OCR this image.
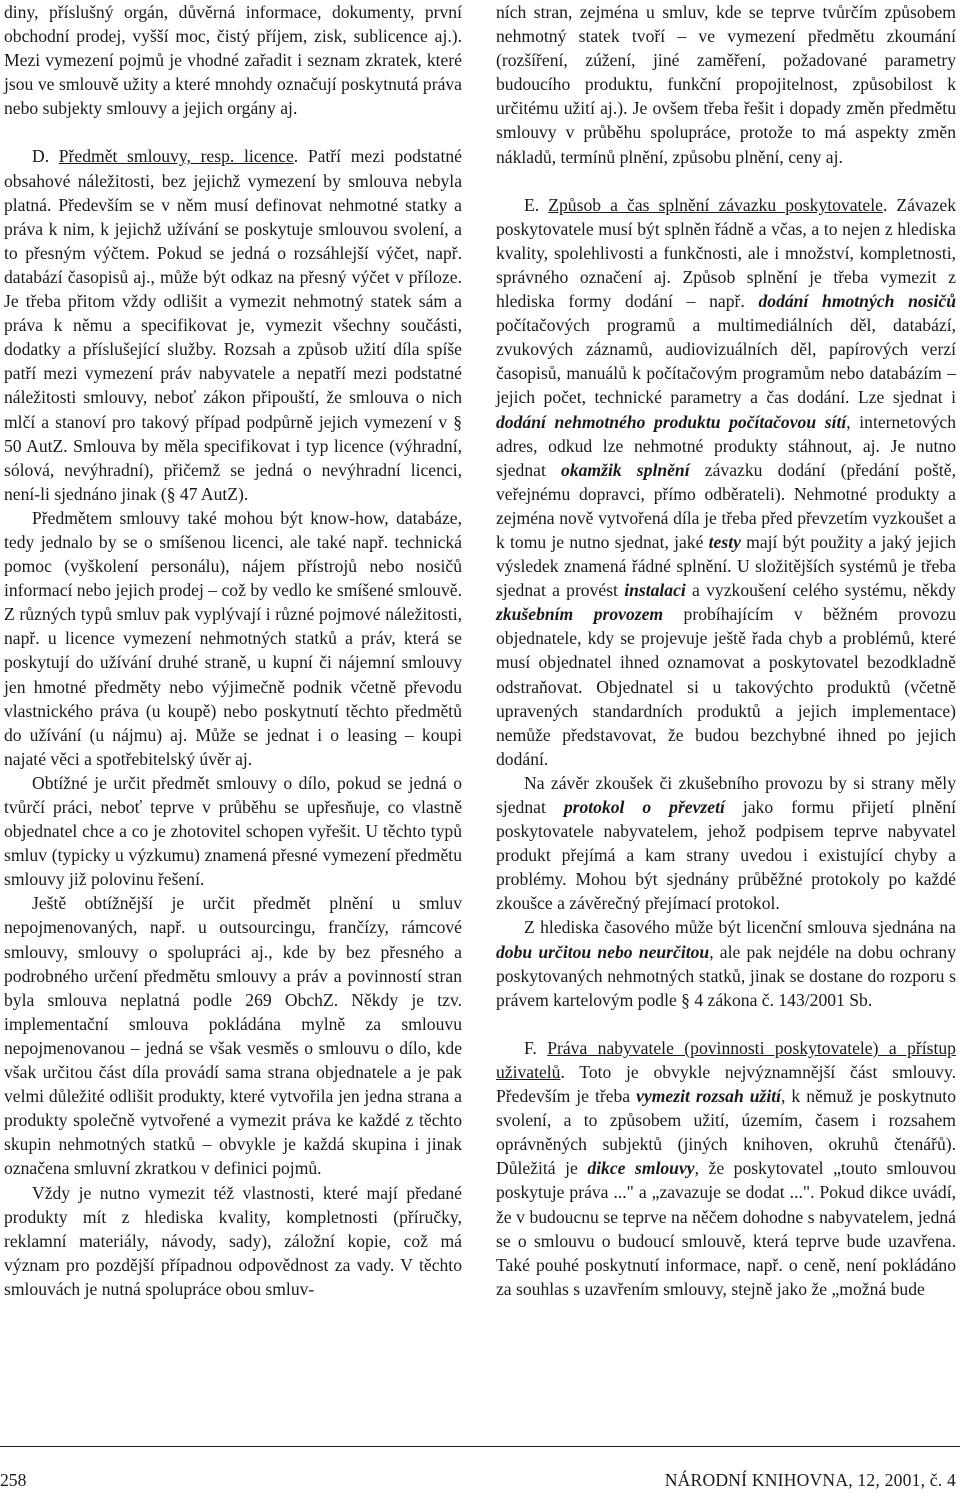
diny, příslušný orgán, důvěrná informace, dokumenty, první obchodní prodej, vyšší moc, čistý příjem, zisk, sublicence aj.). Mezi vymezení pojmů je vhodné zařadit i seznam zkratek, které jsou ve smlouvě užity a které mnohdy označují poskytnutá práva nebo subjekty smlouvy a jejich orgány aj.

D. Předmět smlouvy, resp. licence. Patří mezi podstatné obsahové náležitosti, bez jejichž vymezení by smlouva nebyla platná. Především se v něm musí definovat nehmotné statky a práva k nim, k jejichž užívání se poskytuje smlouvou svolení, a to přesným výčtem. Pokud se jedná o rozsáhlejší výčet, např. databází časopisů aj., může být odkaz na přesný výčet v příloze. Je třeba přitom vždy odlišit a vymezit nehmotný statek sám a práva k němu a specifikovat je, vymezit všechny součásti, dodatky a příslušející služby. Rozsah a způsob užití díla spíše patří mezi vymezení práv nabyvatele a nepatří mezi podstatné náležitosti smlouvy, neboť zákon připouští, že smlouva o nich mlčí a stanoví pro takový případ podpůrně jejich vymezení v § 50 AutZ. Smlouva by měla specifikovat i typ licence (výhradní, sólová, nevýhradní), přičemž se jedná o nevýhradní licenci, není-li sjednáno jinak (§ 47 AutZ).

Předmětem smlouvy také mohou být know-how, databáze, tedy jednalo by se o smíšenou licenci, ale také např. technická pomoc (vyškolení personálu), nájem přístrojů nebo nosičů informací nebo jejich prodej – což by vedlo ke smíšené smlouvě. Z různých typů smluv pak vyplývají i různé pojmové náležitosti, např. u licence vymezení nehmotných statků a práv, která se poskytují do užívání druhé straně, u kupní či nájemní smlouvy jen hmotné předměty nebo výjimečně podnik včetně převodu vlastnického práva (u koupě) nebo poskytnutí těchto předmětů do užívání (u nájmu) aj. Může se jednat i o leasing – koupi najaté věci a spotřebitelský úvěr aj.

Obtížné je určit předmět smlouvy o dílo, pokud se jedná o tvůrčí práci, neboť teprve v průběhu se upřesňuje, co vlastně objednatel chce a co je zhotovitel schopen vyřešit. U těchto typů smluv (typicky u výzkumu) znamená přesné vymezení předmětu smlouvy již polovinu řešení.

Ještě obtížnější je určit předmět plnění u smluv nepojmenovaných, např. u outsourcingu, frančízy, rámcové smlouvy, smlouvy o spolupráci aj., kde by bez přesného a podrobného určení předmětu smlouvy a práv a povinností stran byla smlouva neplatná podle 269 ObchZ. Někdy je tzv. implementační smlouva pokládána mylně za smlouvu nepojmenovanou – jedná se však vesměs o smlouvu o dílo, kde však určitou část díla provádí sama strana objednatele a je pak velmi důležité odlišit produkty, které vytvořila jen jedna strana a produkty společně vytvořené a vymezit práva ke každé z těchto skupin nehmotných statků – obvykle je každá skupina i jinak označena smluvní zkratkou v definici pojmů.

Vždy je nutno vymezit též vlastnosti, které mají předané produkty mít z hlediska kvality, kompletnosti (příručky, reklamní materiály, návody, sady), záložní kopie, což má význam pro pozdější případnou odpovědnost za vady. V těchto smlouvách je nutná spolupráce obou smluv-

ních stran, zejména u smluv, kde se teprve tvůrčím způsobem nehmotný statek tvoří – ve vymezení předmětu zkoumání (rozšíření, zúžení, jiné zaměření, požadované parametry budoucího produktu, funkční propojitelnost, způsobilost k určitému užití aj.). Je ovšem třeba řešit i dopady změn předmětu smlouvy v průběhu spolupráce, protože to má aspekty změn nákladů, termínů plnění, způsobu plnění, ceny aj.

E. Způsob a čas splnění závazku poskytovatele. Závazek poskytovatele musí být splněn řádně a včas, a to nejen z hlediska kvality, spolehlivosti a funkčnosti, ale i množství, kompletnosti, správného označení aj. Způsob splnění je třeba vymezit z hlediska formy dodání – např. dodání hmotných nosičů počítačových programů a multimediálních děl, databází, zvukových záznamů, audiovizuálních děl, papírových verzí časopisů, manuálů k počítačovým programům nebo databázím – jejich počet, technické parametry a čas dodání. Lze sjednat i dodání nehmotného produktu počítačovou sítí, internetových adres, odkud lze nehmotné produkty stáhnout, aj. Je nutno sjednat okamžik splnění závazku dodání (předání poště, veřejnému dopravci, přímo odběrateli). Nehmotné produkty a zejména nově vytvořená díla je třeba před převzetím vyzkoušet a k tomu je nutno sjednat, jaké testy mají být použity a jaký jejich výsledek znamená řádné splnění. U složitějších systémů je třeba sjednat a provést instalaci a vyzkoušení celého systému, někdy zkušebním provozem probíhajícím v běžném provozu objednatele, kdy se projevuje ještě řada chyb a problémů, které musí objednatel ihned oznamovat a poskytovatel bezodkladně odstraňovat. Objednatel si u takovýchto produktů (včetně upravených standardních produktů a jejich implementace) nemůže představovat, že budou bezchybné ihned po jejich dodání.

Na závěr zkoušek či zkušebního provozu by si strany měly sjednat protokol o převzetí jako formu přijetí plnění poskytovatele nabyvatelem, jehož podpisem teprve nabyvatel produkt přejímá a kam strany uvedou i existující chyby a problémy. Mohou být sjednány průběžné protokoly po každé zkoušce a závěrečný přejímací protokol.

Z hlediska časového může být licenční smlouva sjednána na dobu určitou nebo neurčitou, ale pak nejdéle na dobu ochrany poskytovaných nehmotných statků, jinak se dostane do rozporu s právem kartelovým podle § 4 zákona č. 143/2001 Sb.

F. Práva nabyvatele (povinnosti poskytovatele) a přístup uživatelů. Toto je obvykle nejvýznamnější část smlouvy. Především je třeba vymezit rozsah užití, k němuž je poskytnuto svolení, a to způsobem užití, územím, časem i rozsahem oprávněných subjektů (jiných knihoven, okruhů čtenářů). Důležitá je dikce smlouvy, že poskytovatel „touto smlouvou poskytuje práva ..." a „zavazuje se dodat ...". Pokud dikce uvádí, že v budoucnu se teprve na něčem dohodne s nabyvatelem, jedná se o smlouvu o budoucí smlouvě, která teprve bude uzavřena. Také pouhé poskytnutí informace, např. o ceně, není pokládáno za souhlas s uzavřením smlouvy, stejně jako že „možná bude

258	NÁRODNÍ KNIHOVNA, 12, 2001, č. 4
